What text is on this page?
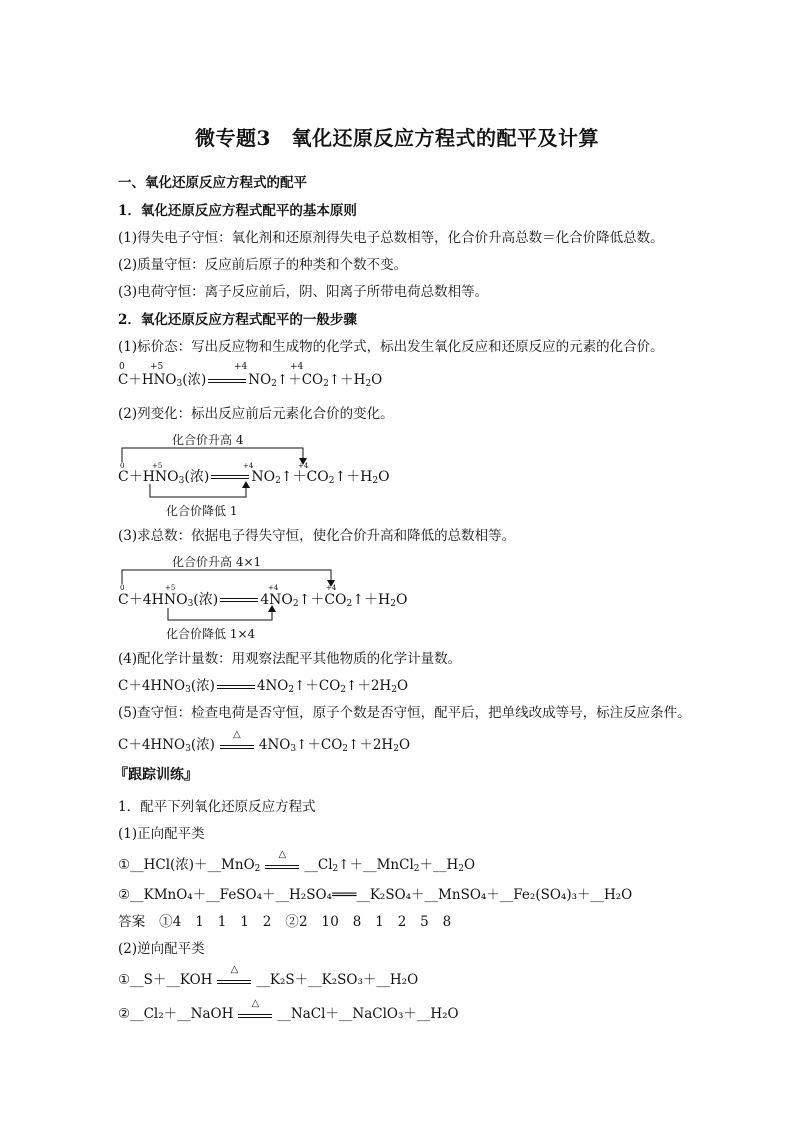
微专题3　氧化还原反应方程式的配平及计算
一、氧化还原反应方程式的配平
1．氧化还原反应方程式配平的基本原则
(1)得失电子守恒：氧化剂和还原剂得失电子总数相等，化合价升高总数＝化合价降低总数。
(2)质量守恒：反应前后原子的种类和个数不变。
(3)电荷守恒：离子反应前后，阴、阳离子所带电荷总数相等。
2．氧化还原反应方程式配平的一般步骤
(1)标价态：写出反应物和生成物的化学式，标出发生氧化反应和还原反应的元素的化合价。
0	+5	+4	+4
$C+HNO_3$(浓)	$NO_2↑+CO_2↑+H_2O$
(2)列变化：标出反应前后元素化合价的变化。
化合价升高 4
0	+5	+4	+4
$C+HNO_3$(浓)	$NO_2↑+CO_2↑+H_2O$
化合价降低 1
(3)求总数：依据电子得失守恒，使化合价升高和降低的总数相等。
化合价升高 4×1
0	+5	+4	+4
$C+4HNO_3$(浓)	$4NO_2↑+CO_2↑+H_2O$
化合价降低 1×4
(4)配化学计量数：用观察法配平其他物质的化学计量数。
$C+4HNO_3$(浓)	$4NO_2↑+CO_2↑+2H_2O$
(5)查守恒：检查电荷是否守恒，原子个数是否守恒，配平后，把单线改成等号，标注反应条件。
$C+4HNO_3$(浓)
△
$4NO_3↑+CO_2↑+2H_2O$
『跟踪训练』
1．配平下列氧化还原反应方程式
(1)正向配平类
①__HCl(浓)＋__MnO$_2$
△
$\_\_Cl_2↑+\_\_MnCl_2+\_\_H_2O$
②__KMnO₄＋__FeSO₄＋__H₂SO₄═══__K₂SO₄＋__MnSO₄＋__Fe₂(SO₄)₃＋__H₂O
答案　①4　1　1　1　2　②2　10　8　1　2　5　8
(2)逆向配平类
①__S＋__KOH
△
__K₂S＋__K₂SO₃＋__H₂O
②__Cl₂＋__NaOH
△
__NaCl＋__NaClO₃＋__H₂O
